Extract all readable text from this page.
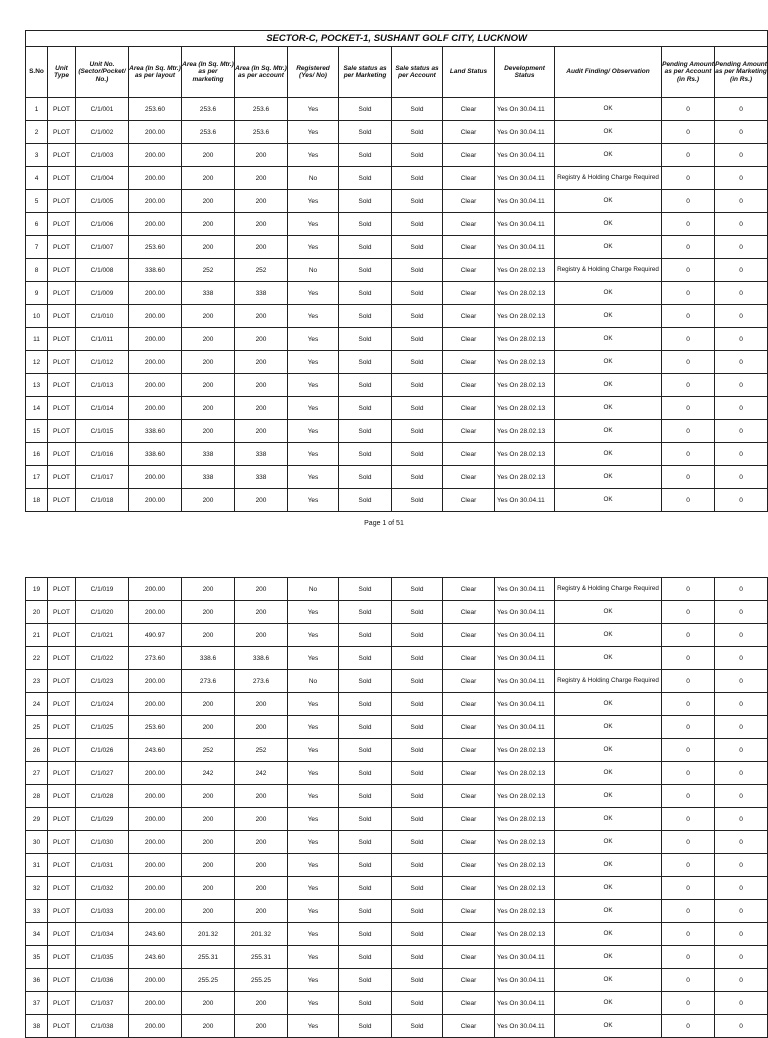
SECTOR-C, POCKET-1, SUSHANT GOLF CITY, LUCKNOW													
S.No	Unit Type	Unit No. (Sector/Pocket/ No.)	Area (In Sq. Mtr.) as per layout	Area (In Sq. Mtr.) as per marketing	Area (In Sq. Mtr.) as per account	Registered (Yes/ No)	Sale status as per Marketing	Sale status as per Account	Land Status	Development Status	Audit Finding/ Observation	Pending Amount as per Account (in Rs.)	Pending Amount as per Marketing (in Rs.)
1	PLOT	C/1/001	253.60	253.6	253.6	Yes	Sold	Sold	Clear	Yes On 30.04.11	OK	0	0
2	PLOT	C/1/002	200.00	253.6	253.6	Yes	Sold	Sold	Clear	Yes On 30.04.11	OK	0	0
3	PLOT	C/1/003	200.00	200	200	Yes	Sold	Sold	Clear	Yes On 30.04.11	OK	0	0
4	PLOT	C/1/004	200.00	200	200	No	Sold	Sold	Clear	Yes On 30.04.11	Registry & Holding Charge Required	0	0
5	PLOT	C/1/005	200.00	200	200	Yes	Sold	Sold	Clear	Yes On 30.04.11	OK	0	0
6	PLOT	C/1/006	200.00	200	200	Yes	Sold	Sold	Clear	Yes On 30.04.11	OK	0	0
7	PLOT	C/1/007	253.60	200	200	Yes	Sold	Sold	Clear	Yes On 30.04.11	OK	0	0
8	PLOT	C/1/008	338.60	252	252	No	Sold	Sold	Clear	Yes On 28.02.13	Registry & Holding Charge Required	0	0
9	PLOT	C/1/009	200.00	338	338	Yes	Sold	Sold	Clear	Yes On 28.02.13	OK	0	0
10	PLOT	C/1/010	200.00	200	200	Yes	Sold	Sold	Clear	Yes On 28.02.13	OK	0	0
11	PLOT	C/1/011	200.00	200	200	Yes	Sold	Sold	Clear	Yes On 28.02.13	OK	0	0
12	PLOT	C/1/012	200.00	200	200	Yes	Sold	Sold	Clear	Yes On 28.02.13	OK	0	0
13	PLOT	C/1/013	200.00	200	200	Yes	Sold	Sold	Clear	Yes On 28.02.13	OK	0	0
14	PLOT	C/1/014	200.00	200	200	Yes	Sold	Sold	Clear	Yes On 28.02.13	OK	0	0
15	PLOT	C/1/015	338.60	200	200	Yes	Sold	Sold	Clear	Yes On 28.02.13	OK	0	0
16	PLOT	C/1/016	338.60	338	338	Yes	Sold	Sold	Clear	Yes On 28.02.13	OK	0	0
17	PLOT	C/1/017	200.00	338	338	Yes	Sold	Sold	Clear	Yes On 28.02.13	OK	0	0
18	PLOT	C/1/018	200.00	200	200	Yes	Sold	Sold	Clear	Yes On 30.04.11	OK	0	0
Page 1 of 51
19	PLOT	C/1/019	200.00	200	200	No	Sold	Sold	Clear	Yes On 30.04.11	Registry & Holding Charge Required	0	0
20	PLOT	C/1/020	200.00	200	200	Yes	Sold	Sold	Clear	Yes On 30.04.11	OK	0	0
21	PLOT	C/1/021	490.97	200	200	Yes	Sold	Sold	Clear	Yes On 30.04.11	OK	0	0
22	PLOT	C/1/022	273.60	338.6	338.6	Yes	Sold	Sold	Clear	Yes On 30.04.11	OK	0	0
23	PLOT	C/1/023	200.00	273.6	273.6	No	Sold	Sold	Clear	Yes On 30.04.11	Registry & Holding Charge Required	0	0
24	PLOT	C/1/024	200.00	200	200	Yes	Sold	Sold	Clear	Yes On 30.04.11	OK	0	0
25	PLOT	C/1/025	253.60	200	200	Yes	Sold	Sold	Clear	Yes On 30.04.11	OK	0	0
26	PLOT	C/1/026	243.60	252	252	Yes	Sold	Sold	Clear	Yes On 28.02.13	OK	0	0
27	PLOT	C/1/027	200.00	242	242	Yes	Sold	Sold	Clear	Yes On 28.02.13	OK	0	0
28	PLOT	C/1/028	200.00	200	200	Yes	Sold	Sold	Clear	Yes On 28.02.13	OK	0	0
29	PLOT	C/1/029	200.00	200	200	Yes	Sold	Sold	Clear	Yes On 28.02.13	OK	0	0
30	PLOT	C/1/030	200.00	200	200	Yes	Sold	Sold	Clear	Yes On 28.02.13	OK	0	0
31	PLOT	C/1/031	200.00	200	200	Yes	Sold	Sold	Clear	Yes On 28.02.13	OK	0	0
32	PLOT	C/1/032	200.00	200	200	Yes	Sold	Sold	Clear	Yes On 28.02.13	OK	0	0
33	PLOT	C/1/033	200.00	200	200	Yes	Sold	Sold	Clear	Yes On 28.02.13	OK	0	0
34	PLOT	C/1/034	243.60	201.32	201.32	Yes	Sold	Sold	Clear	Yes On 28.02.13	OK	0	0
35	PLOT	C/1/035	243.60	255.31	255.31	Yes	Sold	Sold	Clear	Yes On 30.04.11	OK	0	0
36	PLOT	C/1/036	200.00	255.25	255.25	Yes	Sold	Sold	Clear	Yes On 30.04.11	OK	0	0
37	PLOT	C/1/037	200.00	200	200	Yes	Sold	Sold	Clear	Yes On 30.04.11	OK	0	0
38	PLOT	C/1/038	200.00	200	200	Yes	Sold	Sold	Clear	Yes On 30.04.11	OK	0	0
